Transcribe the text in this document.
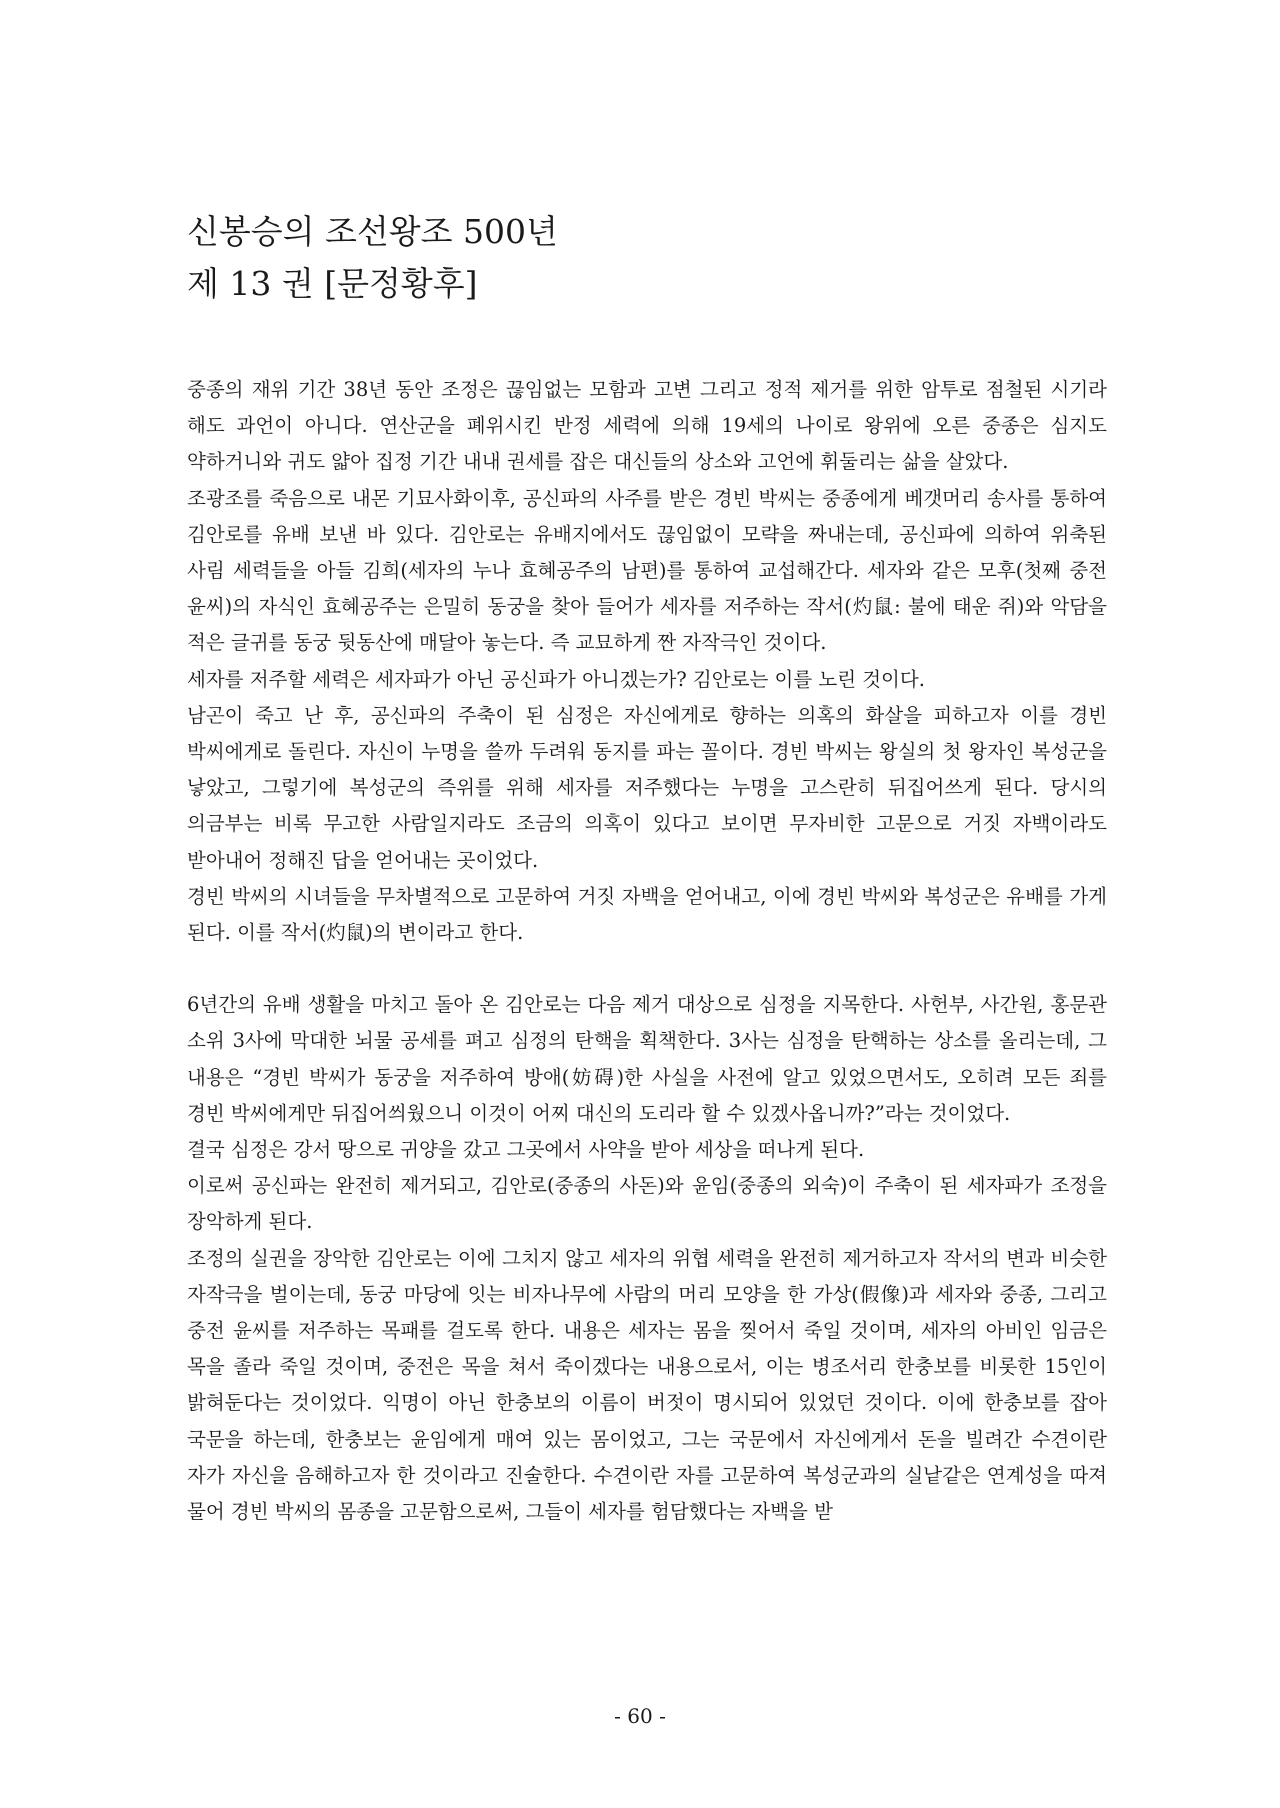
신봉승의 조선왕조 500년
제 13 권 [문정황후]

중종의 재위 기간 38년 동안 조정은 끊임없는 모함과 고변 그리고 정적 제거를 위한 암투로 점철된 시기라 해도 과언이 아니다. 연산군을 폐위시킨 반정 세력에 의해 19세의 나이로 왕위에 오른 중종은 심지도 약하거니와 귀도 얇아 집정 기간 내내 권세를 잡은 대신들의 상소와 고언에 휘둘리는 삶을 살았다.

조광조를 죽음으로 내몬 기묘사화이후, 공신파의 사주를 받은 경빈 박씨는 중종에게 베갯머리 송사를 통하여 김안로를 유배 보낸 바 있다. 김안로는 유배지에서도 끊임없이 모략을 짜내는데, 공신파에 의하여 위축된 사림 세력들을 아들 김희(세자의 누나 효혜공주의 남편)를 통하여 교섭해간다. 세자와 같은 모후(첫째 중전 윤씨)의 자식인 효혜공주는 은밀히 동궁을 찾아 들어가 세자를 저주하는 작서(灼鼠: 불에 태운 쥐)와 악담을 적은 글귀를 동궁 뒷동산에 매달아 놓는다. 즉 교묘하게 짠 자작극인 것이다.

세자를 저주할 세력은 세자파가 아닌 공신파가 아니겠는가? 김안로는 이를 노린 것이다.

남곤이 죽고 난 후, 공신파의 주축이 된 심정은 자신에게로 향하는 의혹의 화살을 피하고자 이를 경빈 박씨에게로 돌린다. 자신이 누명을 쓸까 두려워 동지를 파는 꼴이다. 경빈 박씨는 왕실의 첫 왕자인 복성군을 낳았고, 그렇기에 복성군의 즉위를 위해 세자를 저주했다는 누명을 고스란히 뒤집어쓰게 된다. 당시의 의금부는 비록 무고한 사람일지라도 조금의 의혹이 있다고 보이면 무자비한 고문으로 거짓 자백이라도 받아내어 정해진 답을 얻어내는 곳이었다.

경빈 박씨의 시녀들을 무차별적으로 고문하여 거짓 자백을 얻어내고, 이에 경빈 박씨와 복성군은 유배를 가게 된다. 이를 작서(灼鼠)의 변이라고 한다.

6년간의 유배 생활을 마치고 돌아 온 김안로는 다음 제거 대상으로 심정을 지목한다. 사헌부, 사간원, 홍문관 소위 3사에 막대한 뇌물 공세를 펴고 심정의 탄핵을 획책한다. 3사는 심정을 탄핵하는 상소를 올리는데, 그 내용은 “경빈 박씨가 동궁을 저주하여 방애(妨碍)한 사실을 사전에 알고 있었으면서도, 오히려 모든 죄를 경빈 박씨에게만 뒤집어씌웠으니 이것이 어찌 대신의 도리라 할 수 있겠사옵니까?”라는 것이었다.

결국 심정은 강서 땅으로 귀양을 갔고 그곳에서 사약을 받아 세상을 떠나게 된다.

이로써 공신파는 완전히 제거되고, 김안로(중종의 사돈)와 윤임(중종의 외숙)이 주축이 된 세자파가 조정을 장악하게 된다.

조정의 실권을 장악한 김안로는 이에 그치지 않고 세자의 위협 세력을 완전히 제거하고자 작서의 변과 비슷한 자작극을 벌이는데, 동궁 마당에 잇는 비자나무에 사람의 머리 모양을 한 가상(假像)과 세자와 중종, 그리고 중전 윤씨를 저주하는 목패를 걸도록 한다. 내용은 세자는 몸을 찢어서 죽일 것이며, 세자의 아비인 임금은 목을 졸라 죽일 것이며, 중전은 목을 쳐서 죽이겠다는 내용으로서, 이는 병조서리 한충보를 비롯한 15인이 밝혀둔다는 것이었다. 익명이 아닌 한충보의 이름이 버젓이 명시되어 있었던 것이다. 이에 한충보를 잡아 국문을 하는데, 한충보는 윤임에게 매여 있는 몸이었고, 그는 국문에서 자신에게서 돈을 빌려간 수견이란 자가 자신을 음해하고자 한 것이라고 진술한다. 수견이란 자를 고문하여 복성군과의 실낱같은 연계성을 따져 물어 경빈 박씨의 몸종을 고문함으로써, 그들이 세자를 험담했다는 자백을 받

- 60 -
